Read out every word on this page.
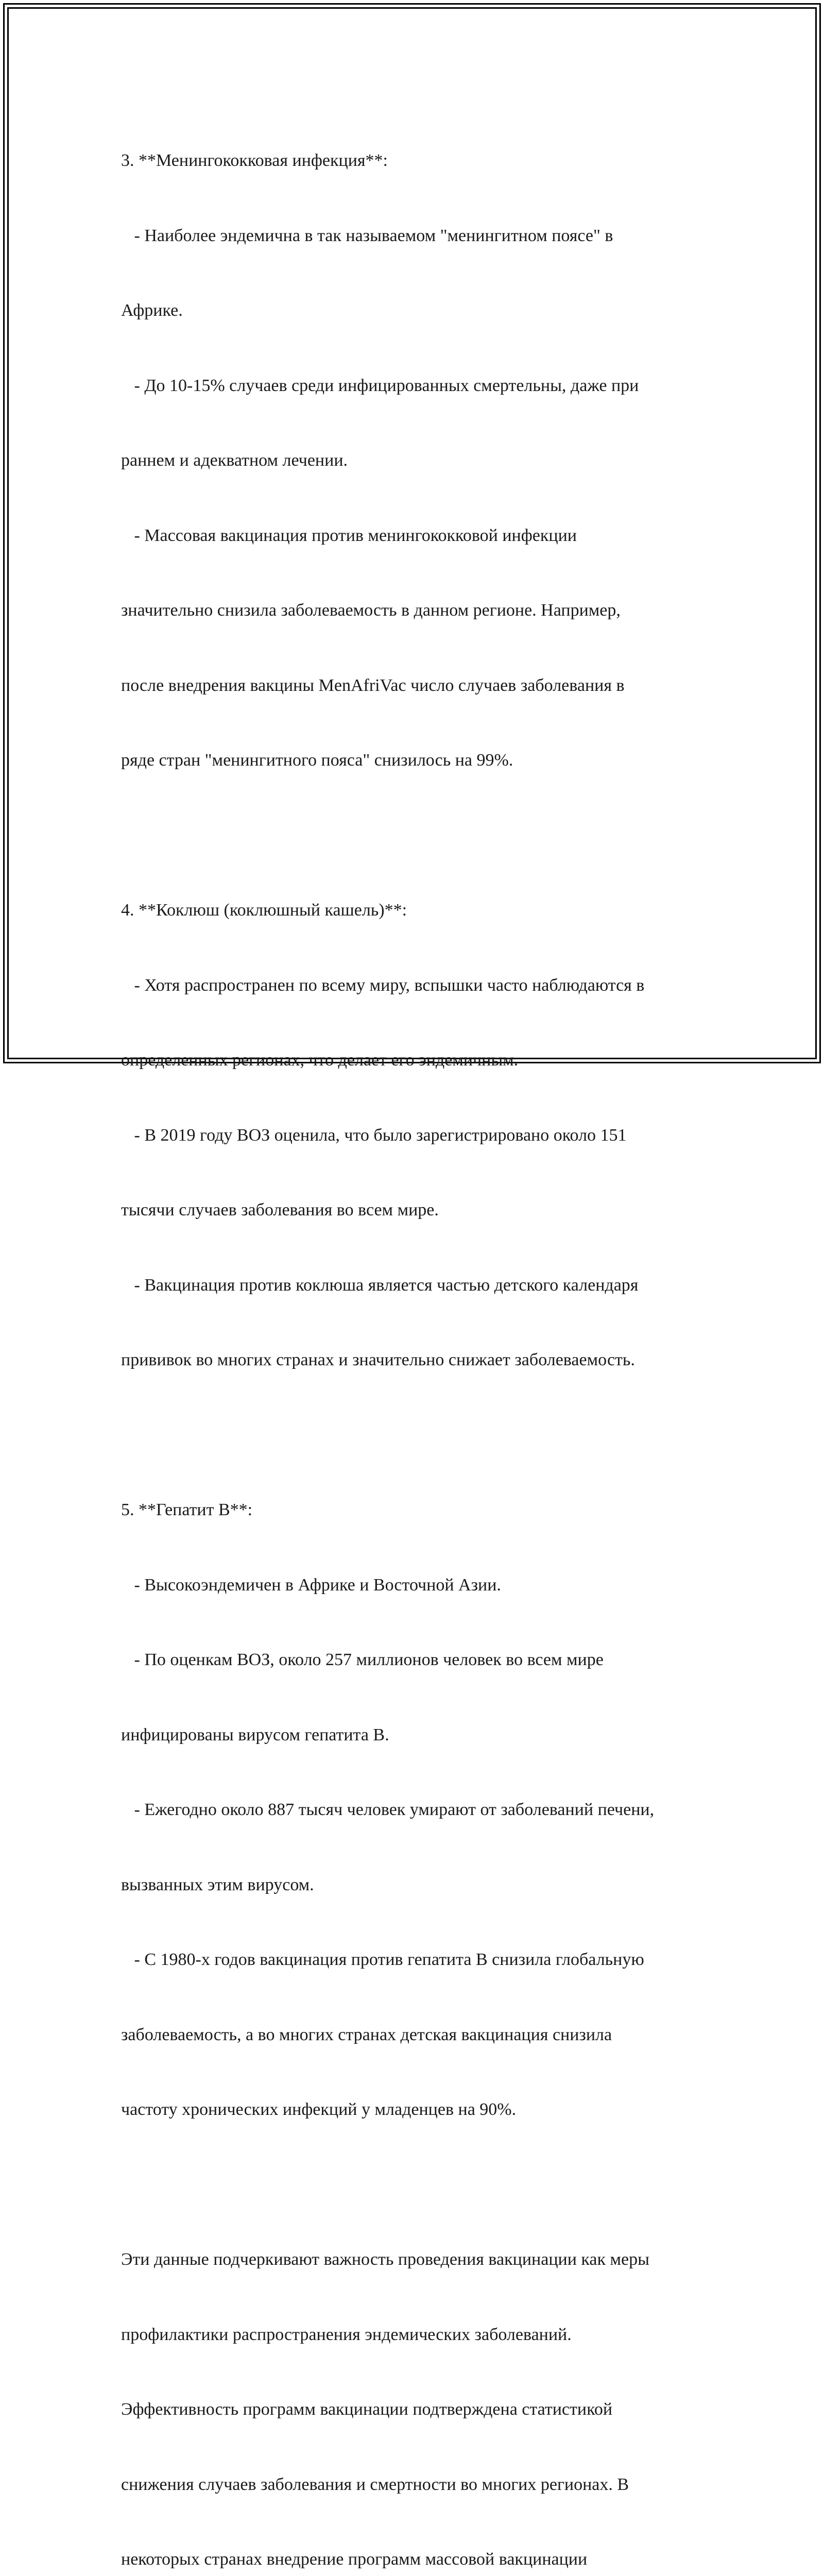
3. **Менингококковая инфекция**:

- Наиболее эндемична в так называемом "менингитном поясе" в

Африке.

- До 10-15% случаев среди инфицированных смертельны, даже при

раннем и адекватном лечении.

- Массовая вакцинация против менингококковой инфекции

значительно снизила заболеваемость в данном регионе. Например,

после внедрения вакцины MenAfriVac число случаев заболевания в

ряде стран "менингитного пояса" снизилось на 99%.

4. **Коклюш (коклюшный кашель)**:

- Хотя распространен по всему миру, вспышки часто наблюдаются в

определенных регионах, что делает его эндемичным.

- В 2019 году ВОЗ оценила, что было зарегистрировано около 151

тысячи случаев заболевания во всем мире.

- Вакцинация против коклюша является частью детского календаря

прививок во многих странах и значительно снижает заболеваемость.

5. **Гепатит B**:

- Высокоэндемичен в Африке и Восточной Азии.

- По оценкам ВОЗ, около 257 миллионов человек во всем мире

инфицированы вирусом гепатита B.

- Ежегодно около 887 тысяч человек умирают от заболеваний печени,

вызванных этим вирусом.

- С 1980-х годов вакцинация против гепатита B снизила глобальную

заболеваемость, а во многих странах детская вакцинация снизила

частоту хронических инфекций у младенцев на 90%.

Эти данные подчеркивают важность проведения вакцинации как меры

профилактики распространения эндемических заболеваний.

Эффективность программ вакцинации подтверждена статистикой

снижения случаев заболевания и смертности во многих регионах. В

некоторых странах внедрение программ массовой вакцинации
